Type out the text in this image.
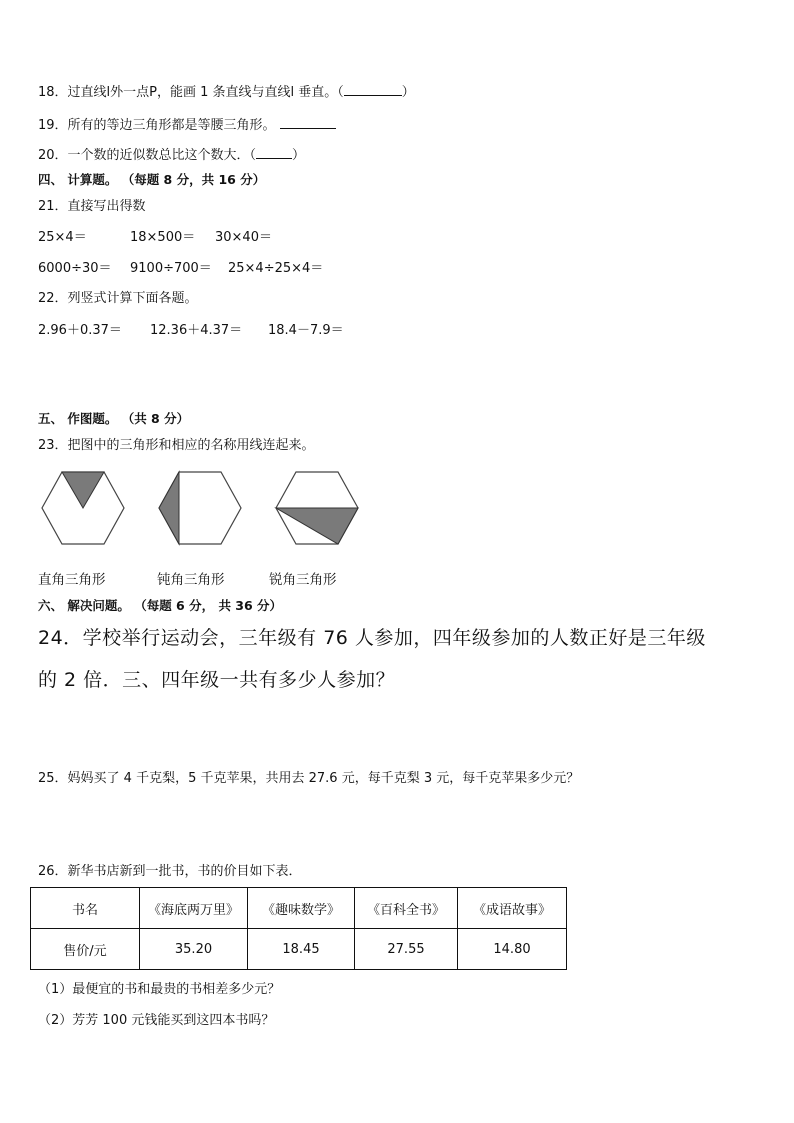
18．过直线l外一点P，能画 1 条直线与直线l 垂直。（	）
19．所有的等边三角形都是等腰三角形。
20．一个数的近似数总比这个数大．（	）
四、 计算题。 （每题 8 分，共 16 分）
21．直接写出得数
25×4＝	18×500＝ 30×40＝
6000÷30＝ 9100÷700＝ 25×4÷25×4＝
22．列竖式计算下面各题。
2.96＋0.37＝ 12.36＋4.37＝ 18.4－7.9＝
五、 作图题。 （共 8 分）
23．把图中的三角形和相应的名称用线连起来。
直角三角形	钝角三角形	锐角三角形
六、 解决问题。 （每题 6 分， 共 36 分）
24．学校举行运动会，三年级有 76 人参加，四年级参加的人数正好是三年级
的 2 倍．三、四年级一共有多少人参加？
25．妈妈买了 4 千克梨，5 千克苹果，共用去 27.6 元，每千克梨 3 元，每千克苹果多少元？
26．新华书店新到一批书，书的价目如下表．
书名	《海底两万里》	《趣味数学》	《百科全书》	《成语故事》
售价/元	35.20	18.45	27.55	14.80
（1）最便宜的书和最贵的书相差多少元？
（2）芳芳 100 元钱能买到这四本书吗？
